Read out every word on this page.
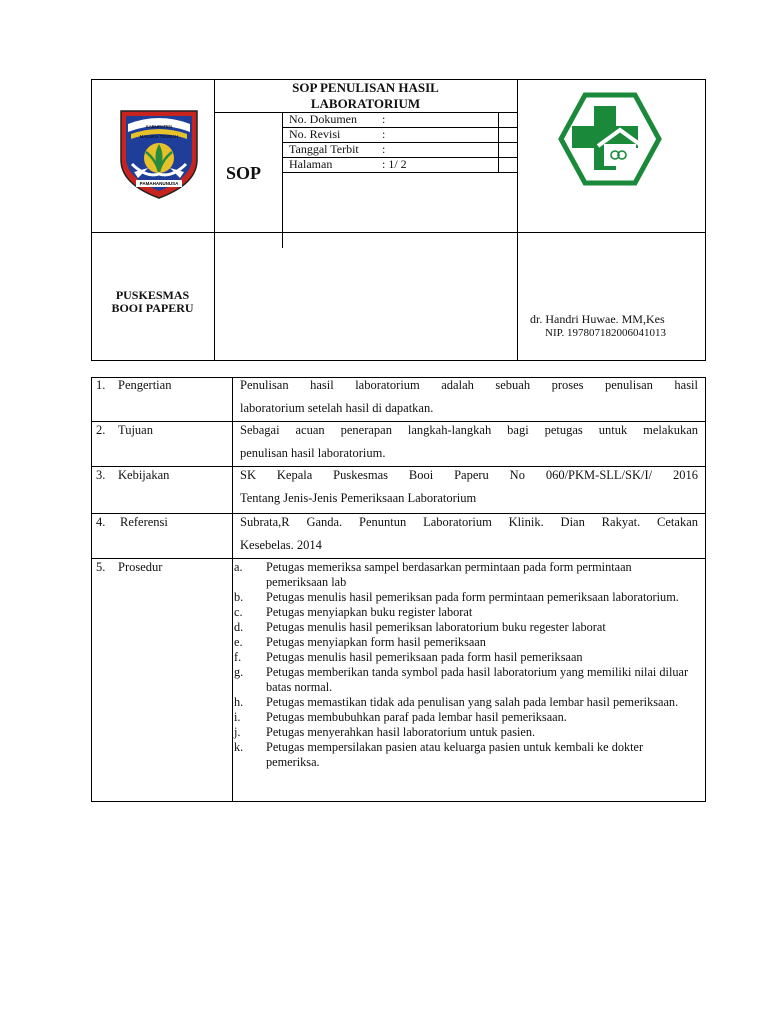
KABUPATEN
MALUKU TENGAH
PAMAHANUNUSA
SOP PENULISAN HASIL
LABORATORIUM
SOP
No. Dokumen :
No. Revisi	:
Tanggal Terbit :
Halaman	: 1/ 2
PUSKESMAS
BOOI PAPERU
dr. Handri Huwae. MM,Kes
NIP. 197807182006041013
1. Pengertian	Penulisan hasil laboratorium adalah sebuah proses penulisan hasil
laboratorium setelah hasil di dapatkan.
2. Tujuan	Sebagai acuan penerapan langkah-langkah bagi petugas untuk melakukan
penulisan hasil laboratorium.
3. Kebijakan	SK Kepala Puskesmas Booi Paperu No 060/PKM-SLL/SK/I/ 2016
Tentang Jenis-Jenis Pemeriksaan Laboratorium
4. Referensi	Subrata,R Ganda. Penuntun Laboratorium Klinik. Dian Rakyat. Cetakan
Kesebelas. 2014
5. Prosedur	a. Petugas memeriksa sampel berdasarkan permintaan pada form permintaan pemeriksaan lab
b. Petugas menulis hasil pemeriksan pada form permintaan pemeriksaan laboratorium.
c. Petugas menyiapkan buku register laborat
d. Petugas menulis hasil pemeriksan laboratorium buku regester laborat
e. Petugas menyiapkan form hasil pemeriksaan
f. Petugas menulis hasil pemeriksaan pada form hasil pemeriksaan
g. Petugas memberikan tanda symbol pada hasil laboratorium yang memiliki nilai diluar batas normal.
h. Petugas memastikan tidak ada penulisan yang salah pada lembar hasil pemeriksaan.
i. Petugas membubuhkan paraf pada lembar hasil pemeriksaan.
j. Petugas menyerahkan hasil laboratorium untuk pasien.
k. Petugas mempersilakan pasien atau keluarga pasien untuk kembali ke dokter pemeriksa.
